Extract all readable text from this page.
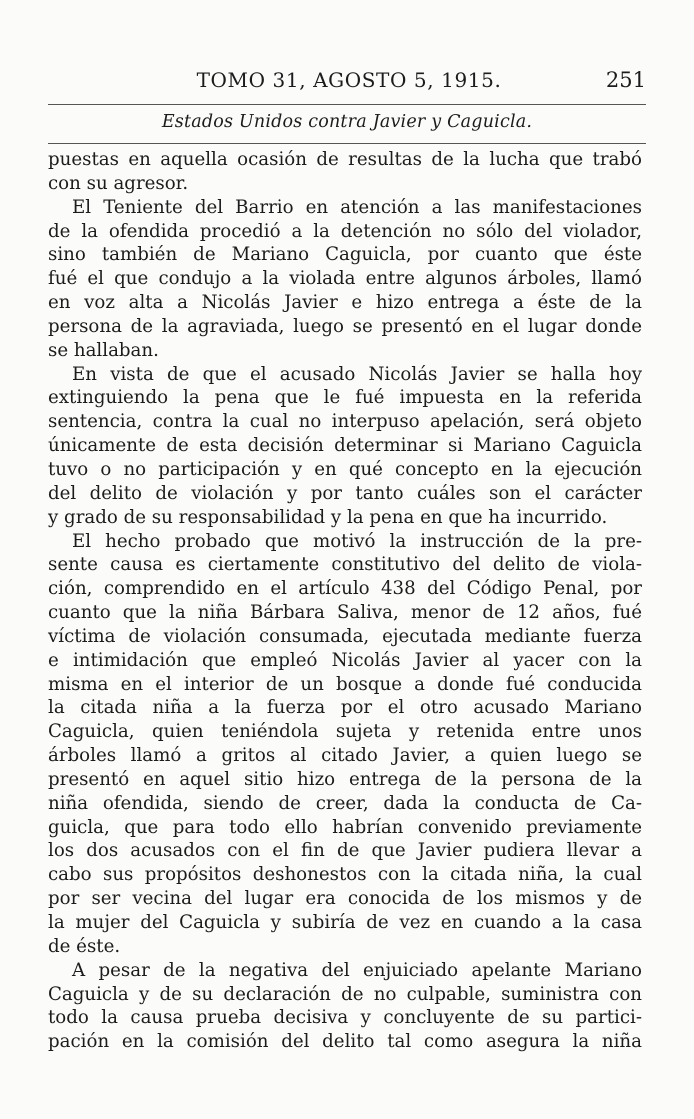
TOMO 31, AGOSTO 5, 1915.	251
Estados Unidos contra Javier y Caguicla.
puestas en aquella ocasión de resultas de la lucha que trabó
con su agresor.
El Teniente del Barrio en atención a las manifestaciones
de la ofendida procedió a la detención no sólo del violador,
sino también de Mariano Caguicla, por cuanto que éste
fué el que condujo a la violada entre algunos árboles, llamó
en voz alta a Nicolás Javier e hizo entrega a éste de la
persona de la agraviada, luego se presentó en el lugar donde
se hallaban.
En vista de que el acusado Nicolás Javier se halla hoy
extinguiendo la pena que le fué impuesta en la referida
sentencia, contra la cual no interpuso apelación, será objeto
únicamente de esta decisión determinar si Mariano Caguicla
tuvo o no participación y en qué concepto en la ejecución
del delito de violación y por tanto cuáles son el carácter
y grado de su responsabilidad y la pena en que ha incurrido.
El hecho probado que motivó la instrucción de la pre-
sente causa es ciertamente constitutivo del delito de viola-
ción, comprendido en el artículo 438 del Código Penal, por
cuanto que la niña Bárbara Saliva, menor de 12 años, fué
víctima de violación consumada, ejecutada mediante fuerza
e intimidación que empleó Nicolás Javier al yacer con la
misma en el interior de un bosque a donde fué conducida
la citada niña a la fuerza por el otro acusado Mariano
Caguicla, quien teniéndola sujeta y retenida entre unos
árboles llamó a gritos al citado Javier, a quien luego se
presentó en aquel sitio hizo entrega de la persona de la
niña ofendida, siendo de creer, dada la conducta de Ca-
guicla, que para todo ello habrían convenido previamente
los dos acusados con el fin de que Javier pudiera llevar a
cabo sus propósitos deshonestos con la citada niña, la cual
por ser vecina del lugar era conocida de los mismos y de
la mujer del Caguicla y subiría de vez en cuando a la casa
de éste.
A pesar de la negativa del enjuiciado apelante Mariano
Caguicla y de su declaración de no culpable, suministra con
todo la causa prueba decisiva y concluyente de su partici-
pación en la comisión del delito tal como asegura la niña
